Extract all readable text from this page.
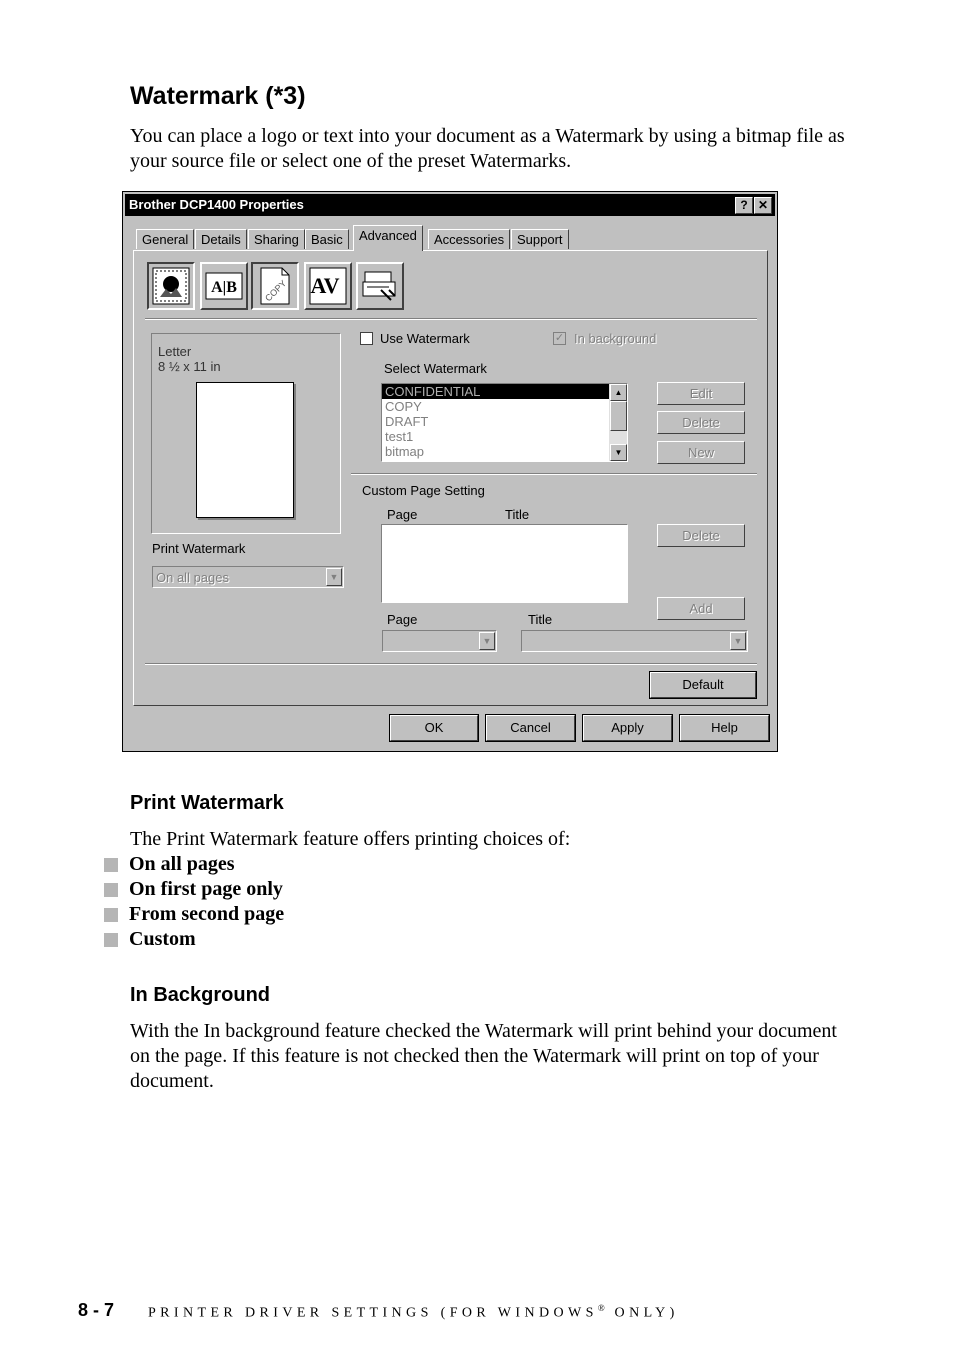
Watermark (*3)

You can place a logo or text into your document as a Watermark by using a bitmap file as your source file or select one of the preset Watermarks.

Brother DCP1400 Properties	? ✕
General Details	Sharing Basic	Advanced	Accessories Support
A|B	COPY AV
Letter
8 ½ x 11 in
Print Watermark
On all pages	▼
Use Watermark	✓ In background
Select Watermark
CONFIDENTIAL
COPY
DRAFT
test1
bitmap
▲
▼
Edit
Delete
New
Custom Page Setting
Page	Title
Delete
Add
Page
▼
Title
▼
Default
OK	Cancel	Apply	Help
Print Watermark

The Print Watermark feature offers printing choices of:

On all pages
On first page only
From second page
Custom
In Background

With the In background feature checked the Watermark will print behind your document on the page. If this feature is not checked then the Watermark will print on top of your document.

8 - 7 PRINTER DRIVER SETTINGS (FOR WINDOWS® ONLY)
